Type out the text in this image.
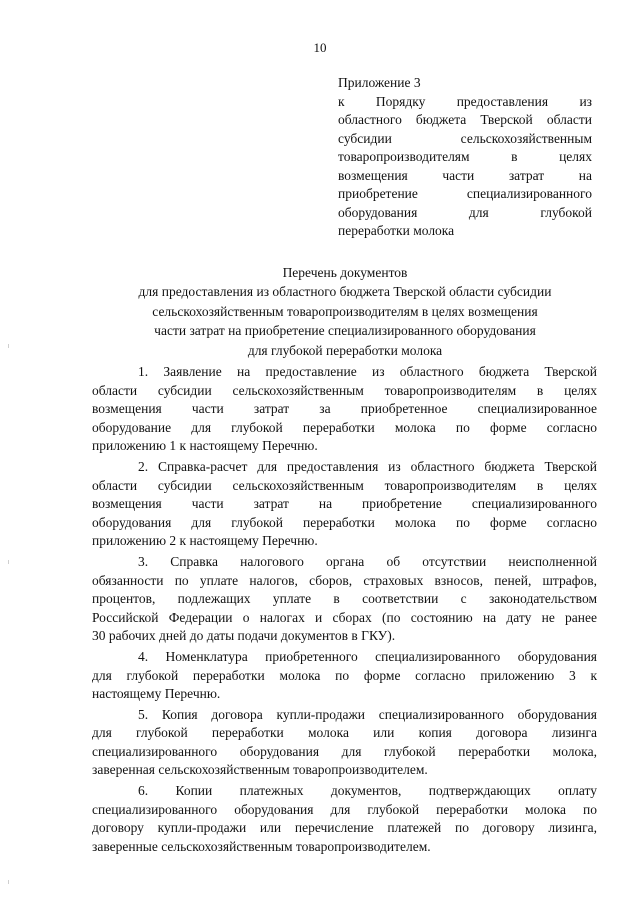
10
Приложение 3
к Порядку предоставления из
областного бюджета Тверской области
субсидии сельскохозяйственным
товаропроизводителям в целях
возмещения части затрат на
приобретение специализированного
оборудования для глубокой
переработки молока
Перечень документов
для предоставления из областного бюджета Тверской области субсидии
сельскохозяйственным товаропроизводителям в целях возмещения
части затрат на приобретение специализированного оборудования
для глубокой переработки молока
1. Заявление на предоставление из областного бюджета Тверской
области субсидии сельскохозяйственным товаропроизводителям в целях
возмещения части затрат за приобретенное специализированное
оборудование для глубокой переработки молока по форме согласно
приложению 1 к настоящему Перечню.
2. Справка-расчет для предоставления из областного бюджета Тверской
области субсидии сельскохозяйственным товаропроизводителям в целях
возмещения части затрат на приобретение специализированного
оборудования для глубокой переработки молока по форме согласно
приложению 2 к настоящему Перечню.
3. Справка налогового органа об отсутствии неисполненной
обязанности по уплате налогов, сборов, страховых взносов, пеней, штрафов,
процентов, подлежащих уплате в соответствии с законодательством
Российской Федерации о налогах и сборах (по состоянию на дату не ранее
30 рабочих дней до даты подачи документов в ГКУ).
4. Номенклатура приобретенного специализированного оборудования
для глубокой переработки молока по форме согласно приложению 3 к
настоящему Перечню.
5. Копия договора купли-продажи специализированного оборудования
для глубокой переработки молока или копия договора лизинга
специализированного оборудования для глубокой переработки молока,
заверенная сельскохозяйственным товаропроизводителем.
6. Копии платежных документов, подтверждающих оплату
специализированного оборудования для глубокой переработки молока по
договору купли-продажи или перечисление платежей по договору лизинга,
заверенные сельскохозяйственным товаропроизводителем.
